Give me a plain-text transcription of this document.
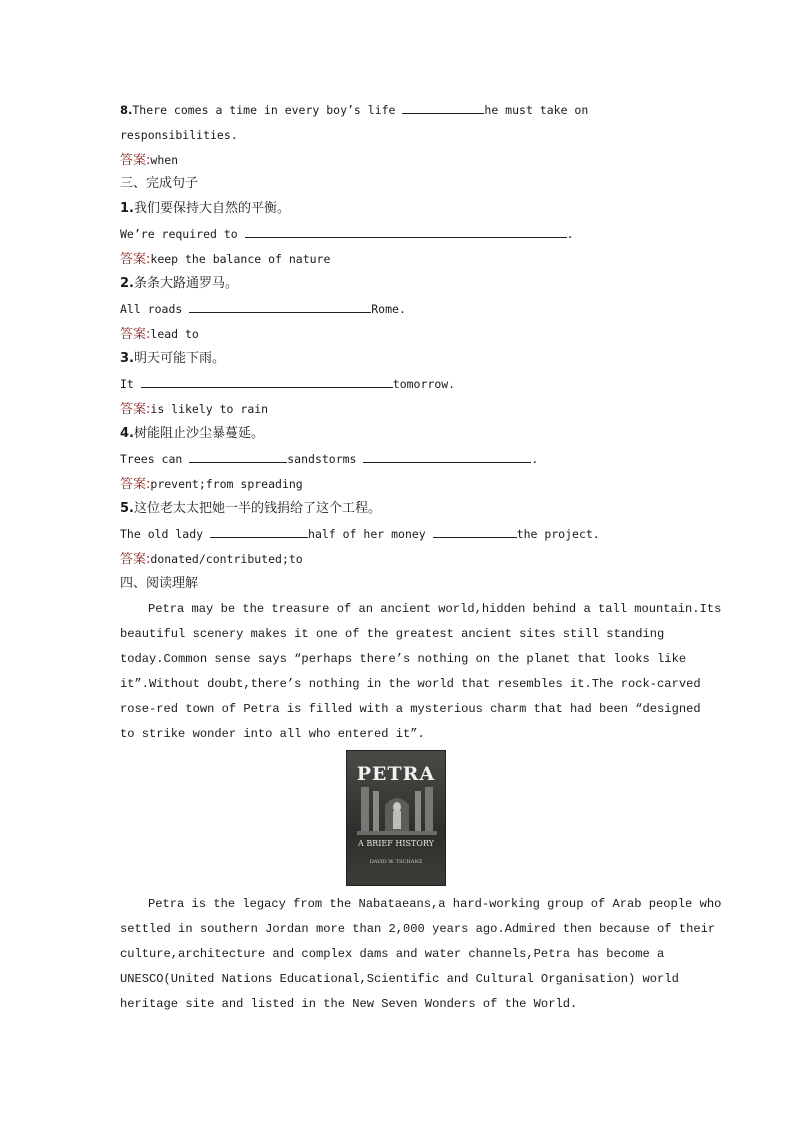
8.There comes a time in every boy’s life	he must take on
responsibilities.
答案:when
三、完成句子
1.我们要保持大自然的平衡。
We’re required to	.
答案:keep the balance of nature
2.条条大路通罗马。
All roads	Rome.
答案:lead to
3.明天可能下雨。
It	tomorrow.
答案:is likely to rain
4.树能阻止沙尘暴蔓延。
Trees can	sandstorms	.
答案:prevent;from spreading
5.这位老太太把她一半的钱捐给了这个工程。
The old lady	half of her money	the project.
答案:donated/contributed;to
四、阅读理解
Petra may be the treasure of an ancient world,hidden behind a tall mountain.Its
beautiful scenery makes it one of the greatest ancient sites still standing
today.Common sense says “perhaps there’s nothing on the planet that looks like
it”.Without doubt,there’s nothing in the world that resembles it.The rock-carved
rose-red town of Petra is filled with a mysterious charm that had been “designed
to strike wonder into all who entered it”.
PETRA
A BRIEF HISTORY
DAVID W. TSCHANZ
Petra is the legacy from the Nabataeans,a hard-working group of Arab people who
settled in southern Jordan more than 2,000 years ago.Admired then because of their
culture,architecture and complex dams and water channels,Petra has become a
UNESCO(United Nations Educational,Scientific and Cultural Organisation) world
heritage site and listed in the New Seven Wonders of the World.
